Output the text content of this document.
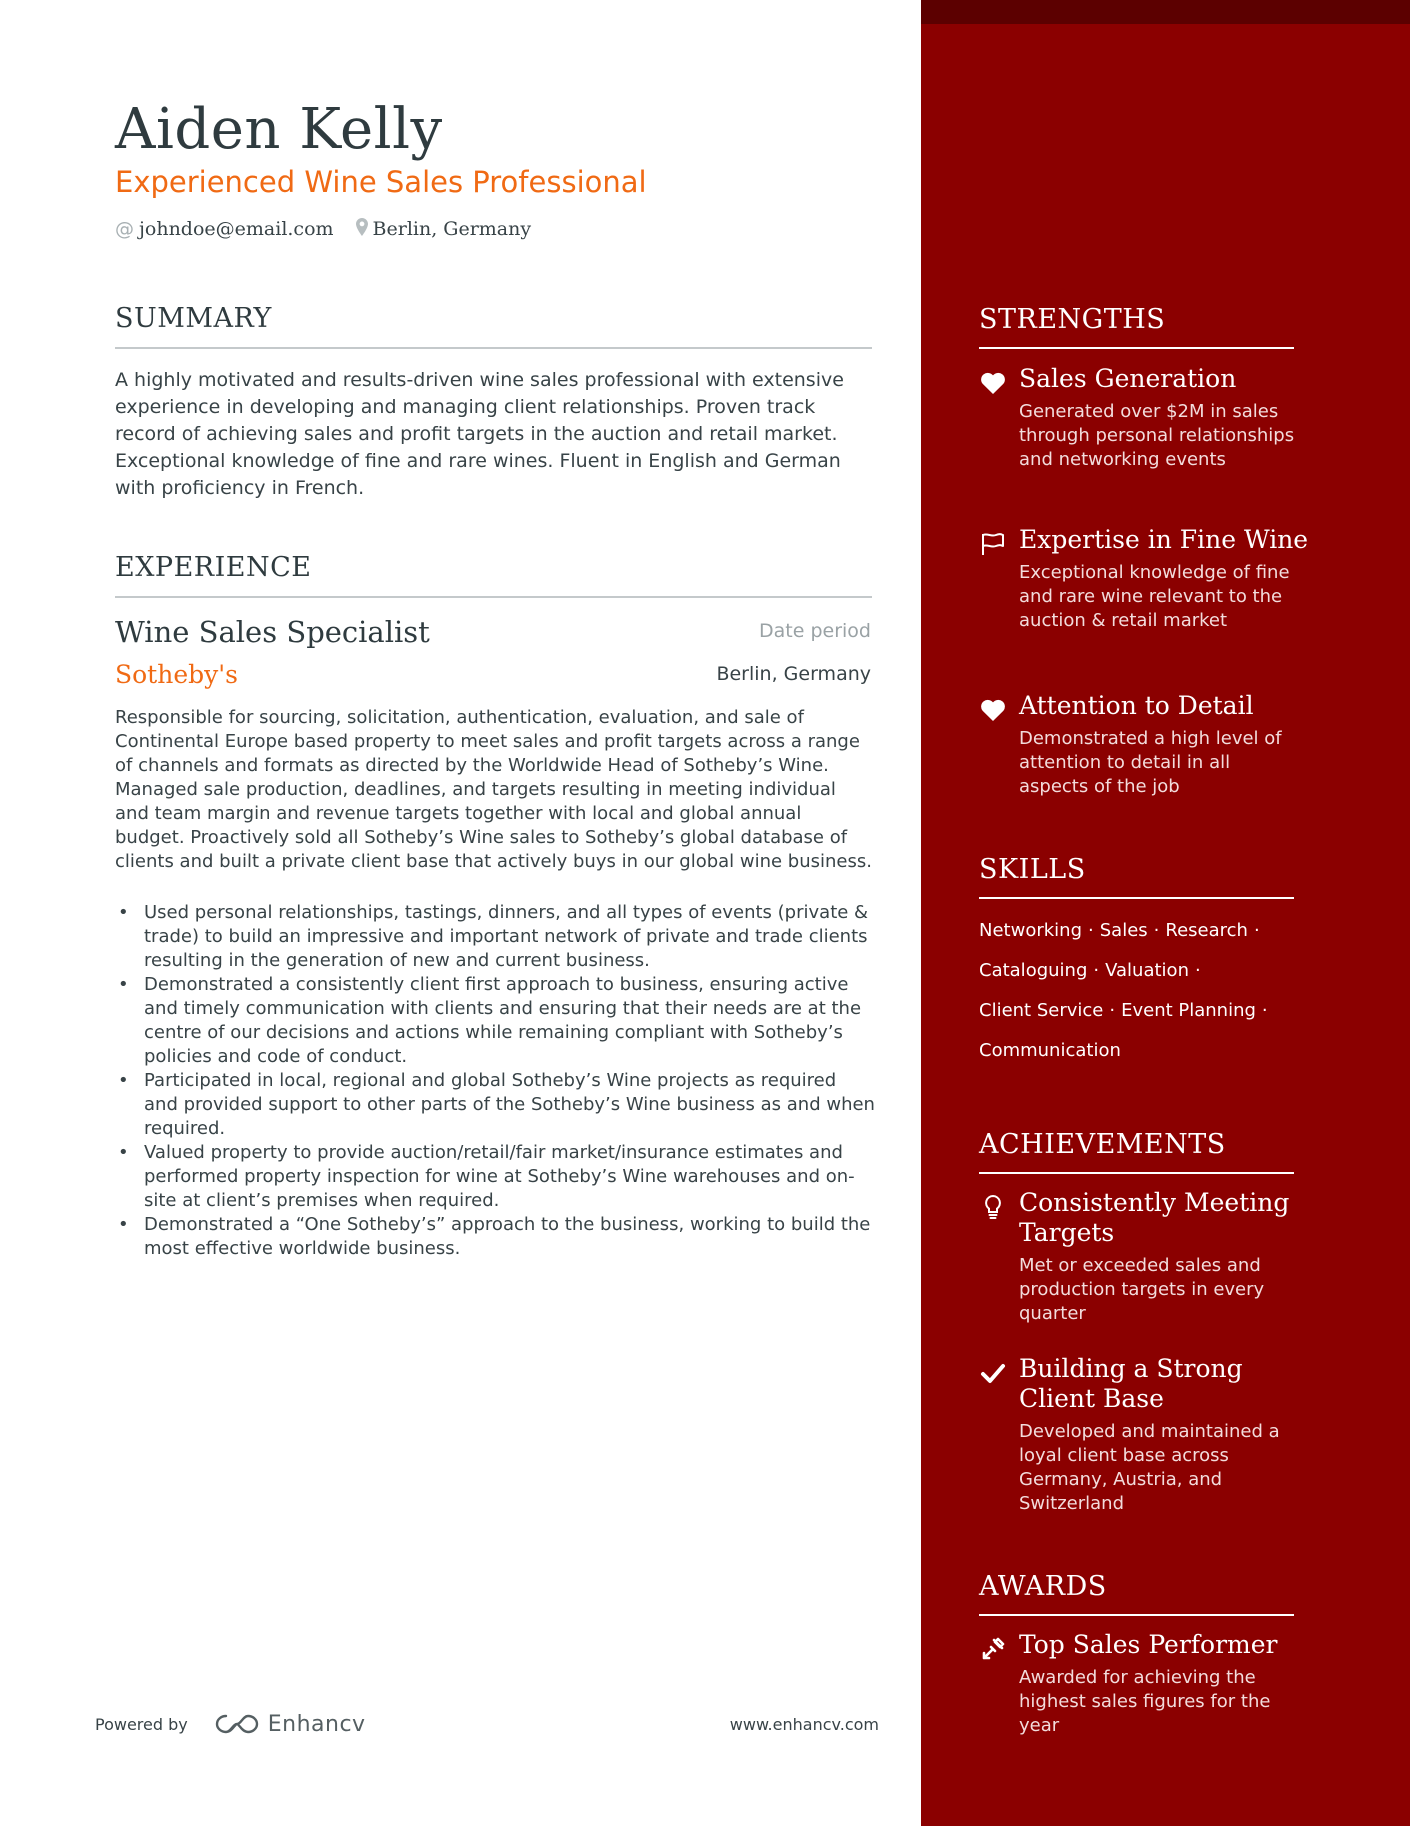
Aiden Kelly
Experienced Wine Sales Professional
@ johndoe@email.com Berlin, Germany
SUMMARY

A highly motivated and results-driven wine sales professional with extensive experience in developing and managing client relationships. Proven track record of achieving sales and profit targets in the auction and retail market. Exceptional knowledge of fine and rare wines. Fluent in English and German with proficiency in French.

EXPERIENCE
Wine Sales Specialist	Date period
Sotheby's	Berlin, Germany

Responsible for sourcing, solicitation, authentication, evaluation, and sale of Continental Europe based property to meet sales and profit targets across a range of channels and formats as directed by the Worldwide Head of Sotheby’s Wine. Managed sale production, deadlines, and targets resulting in meeting individual and team margin and revenue targets together with local and global annual budget. Proactively sold all Sotheby’s Wine sales to Sotheby’s global database of clients and built a private client base that actively buys in our global wine business.

• Used personal relationships, tastings, dinners, and all types of events (private & trade) to build an impressive and important network of private and trade clients resulting in the generation of new and current business.
• Demonstrated a consistently client first approach to business, ensuring active and timely communication with clients and ensuring that their needs are at the centre of our decisions and actions while remaining compliant with Sotheby’s policies and code of conduct.
• Participated in local, regional and global Sotheby’s Wine projects as required and provided support to other parts of the Sotheby’s Wine business as and when required.
• Valued property to provide auction/retail/fair market/insurance estimates and performed property inspection for wine at Sotheby’s Wine warehouses and on-site at client’s premises when required.
• Demonstrated a “One Sotheby’s” approach to the business, working to build the most effective worldwide business.
Powered by	Enhancv	www.enhancv.com
STRENGTHS
Sales Generation
Generated over $2M in sales through personal relationships and networking events
Expertise in Fine Wine
Exceptional knowledge of fine and rare wine relevant to the auction & retail market
Attention to Detail
Demonstrated a high level of attention to detail in all aspects of the job
SKILLS
Networking · Sales · Research ·
Cataloguing · Valuation ·
Client Service · Event Planning ·
Communication
ACHIEVEMENTS
Consistently Meeting Targets
Met or exceeded sales and production targets in every quarter
Building a Strong Client Base
Developed and maintained a loyal client base across Germany, Austria, and Switzerland
AWARDS
Top Sales Performer
Awarded for achieving the highest sales figures for the year
